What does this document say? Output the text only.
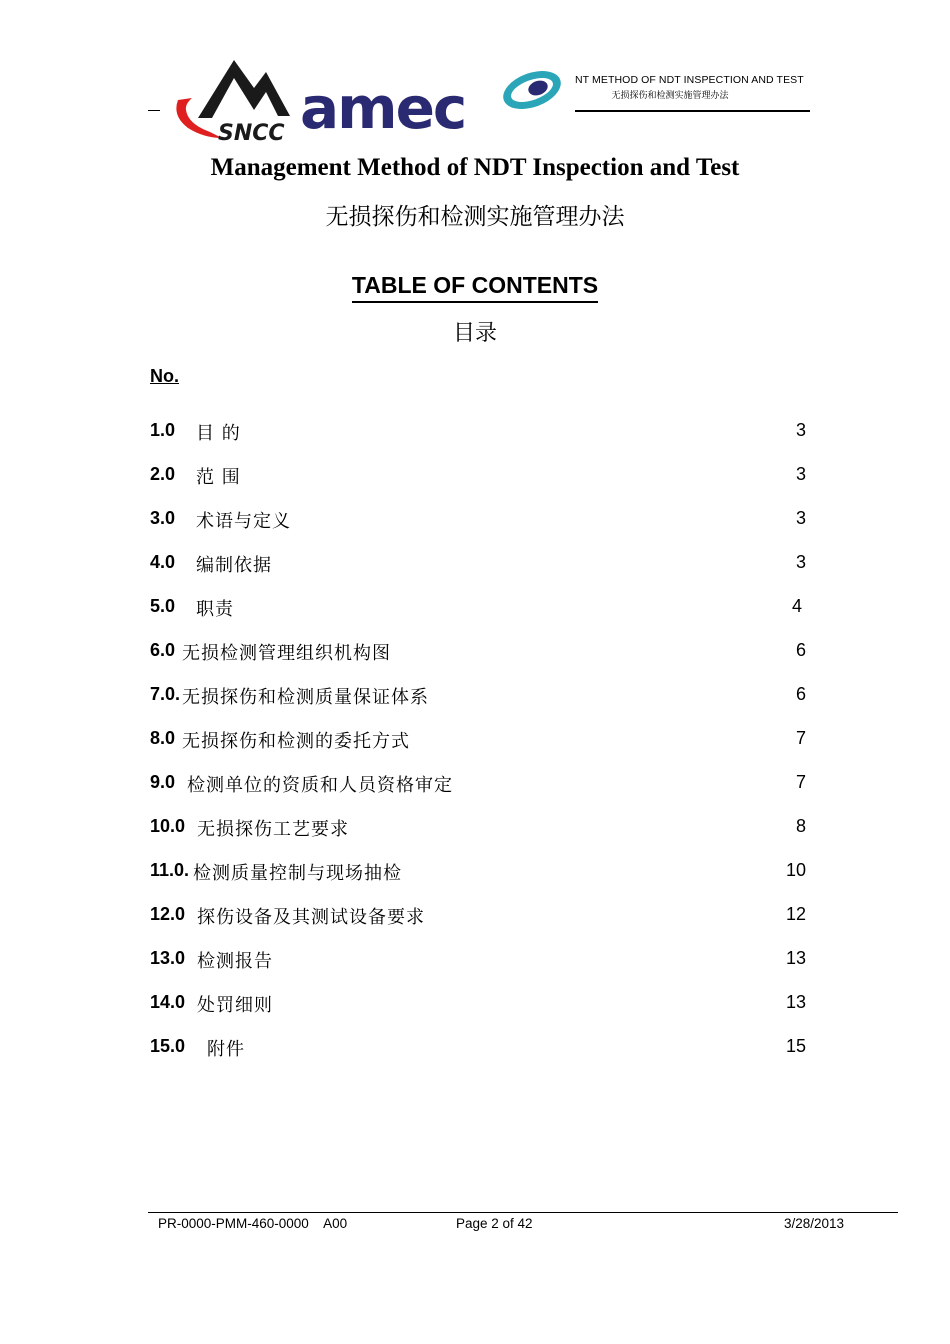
SNCC amec	NT METHOD OF NDT INSPECTION AND TEST
无损探伤和检测实施管理办法
Management Method of NDT Inspection and Test
无损探伤和检测实施管理办法
TABLE OF CONTENTS
目录
No.
1.0 目 的	3
2.0 范 围	3
3.0 术语与定义	3
4.0 编制依据	3
5.0 职责	4
6.0 无损检测管理组织机构图	6
7.0. 无损探伤和检测质量保证体系	6
8.0 无损探伤和检测的委托方式	7
9.0 检测单位的资质和人员资格审定	7
10.0 无损探伤工艺要求	8
11.0. 检测质量控制与现场抽检	10
12.0 探伤设备及其测试设备要求	12
13.0 检测报告	13
14.0 处罚细则	13
15.0 附件	15
PR-0000-PMM-460-0000    A00	Page 2 of 42	3/28/2013
